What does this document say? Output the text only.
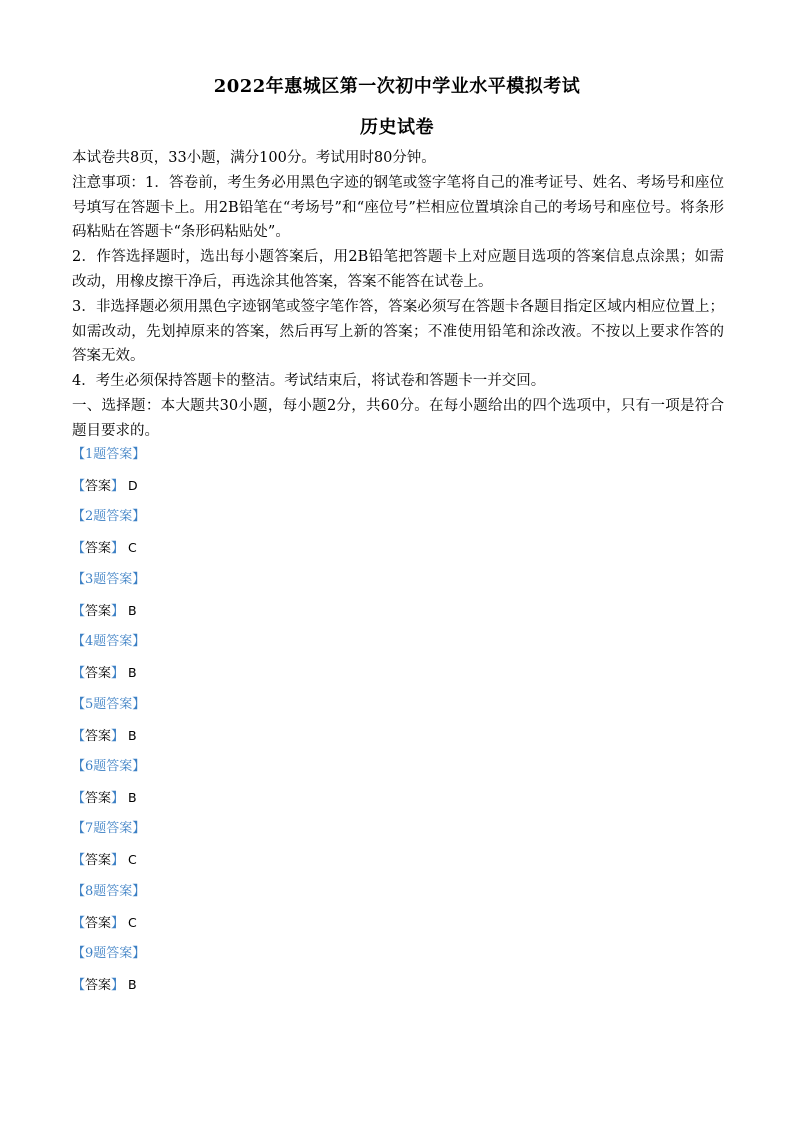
2022年惠城区第一次初中学业水平模拟考试
历史试卷

本试卷共8页，33小题，满分100分。考试用时80分钟。

注意事项：1．答卷前，考生务必用黑色字迹的钢笔或签字笔将自己的准考证号、姓名、考场号和座位号填写在答题卡上。用2B铅笔在“考场号”和“座位号”栏相应位置填涂自己的考场号和座位号。将条形码粘贴在答题卡“条形码粘贴处”。

2．作答选择题时，选出每小题答案后，用2B铅笔把答题卡上对应题目选项的答案信息点涂黑；如需改动，用橡皮擦干净后，再选涂其他答案，答案不能答在试卷上。

3．非选择题必须用黑色字迹钢笔或签字笔作答，答案必须写在答题卡各题目指定区域内相应位置上；如需改动，先划掉原来的答案，然后再写上新的答案；不准使用铅笔和涂改液。不按以上要求作答的答案无效。

4．考生必须保持答题卡的整洁。考试结束后，将试卷和答题卡一并交回。

一、选择题：本大题共30小题，每小题2分，共60分。在每小题给出的四个选项中，只有一项是符合题目要求的。

【1题答案】
【答案】 D
【2题答案】
【答案】 C
【3题答案】
【答案】 B
【4题答案】
【答案】 B
【5题答案】
【答案】 B
【6题答案】
【答案】 B
【7题答案】
【答案】 C
【8题答案】
【答案】 C
【9题答案】
【答案】 B
